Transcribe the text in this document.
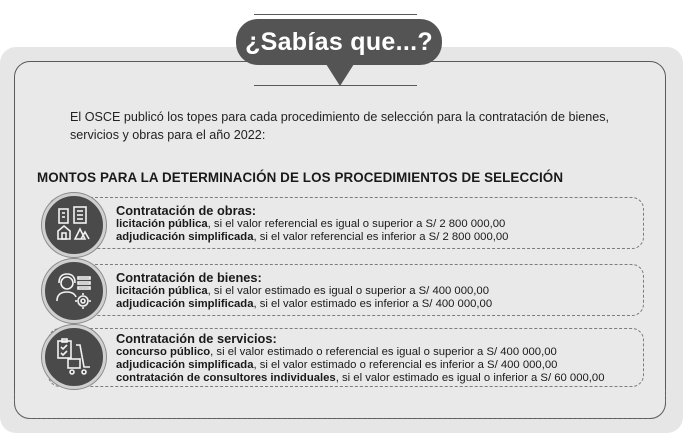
¿Sabías que...?
El OSCE publicó los topes para cada procedimiento de selección para la contratación de bienes, servicios y obras para el año 2022:
MONTOS PARA LA DETERMINACIÓN DE LOS PROCEDIMIENTOS DE SELECCIÓN
Contratación de obras:
licitación pública, si el valor referencial es igual o superior a S/ 2 800 000,00
adjudicación simplificada, si el valor referencial es inferior a S/ 2 800 000,00
Contratación de bienes:
licitación pública, si el valor estimado es igual o superior a S/ 400 000,00
adjudicación simplificada, si el valor estimado es inferior a S/ 400 000,00
Contratación de servicios:
concurso público, si el valor estimado o referencial es igual o superior a S/ 400 000,00
adjudicación simplificada, si el valor estimado o referencial es inferior a S/ 400 000,00
contratación de consultores individuales, si el valor estimado es igual o inferior a S/ 60 000,00
